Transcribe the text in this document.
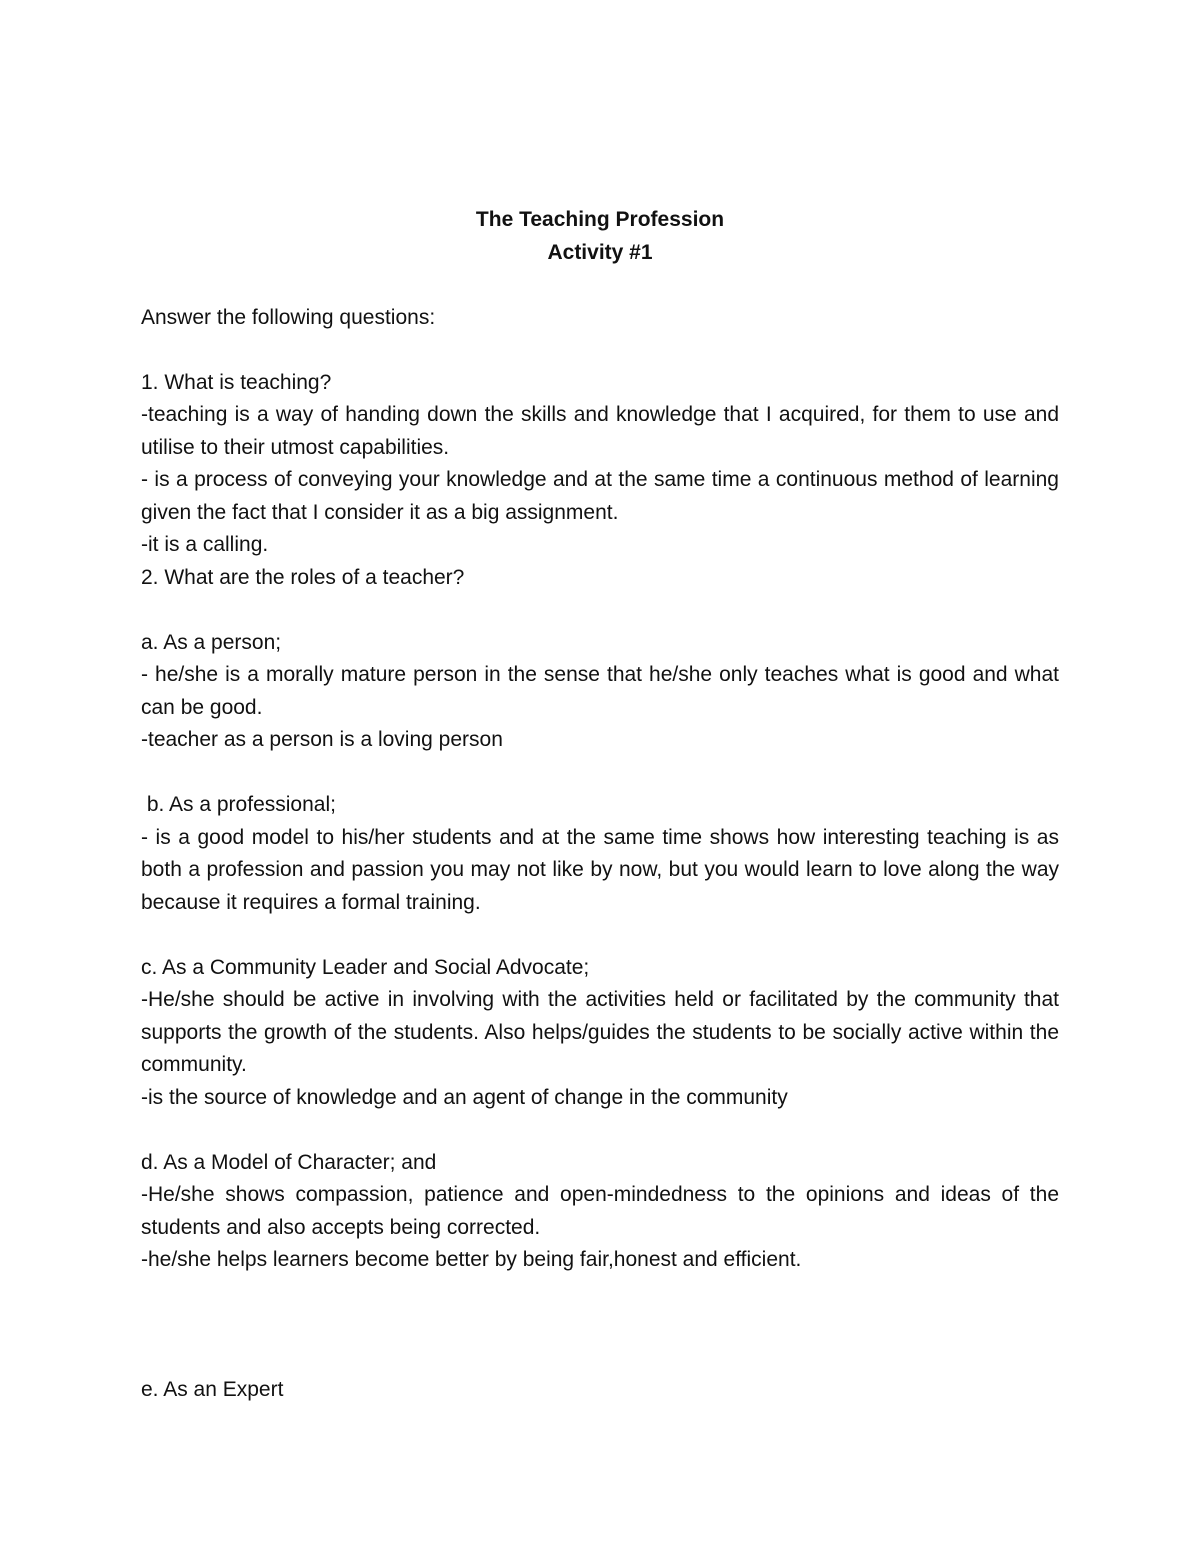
The Teaching Profession

Activity #1

Answer the following questions:

1. What is teaching?

-teaching is a way of handing down the skills and knowledge that I acquired, for them to use and utilise to their utmost capabilities.

- is a process of conveying your knowledge and at the same time a continuous method of learning given the fact that I consider it as a big assignment.

-it is a calling.

2. What are the roles of a teacher?

a. As a person;

- he/she is a morally mature person in the sense that he/she only teaches what is good and what can be good.

-teacher as a person is a loving person

b. As a professional;

- is a good model to his/her students and at the same time shows how interesting teaching is as both a profession and passion you may not like by now, but you would learn to love along the way because it requires a formal training.

c. As a Community Leader and Social Advocate;

-He/she should be active in involving with the activities held or facilitated by the community that supports the growth of the students. Also helps/guides the students to be socially active within the community.

-is the source of knowledge and an agent of change in the community

d. As a Model of Character; and

-He/she shows compassion, patience and open-mindedness to the opinions and ideas of the students and also accepts being corrected.

-he/she helps learners become better by being fair,honest and efficient.

e. As an Expert
